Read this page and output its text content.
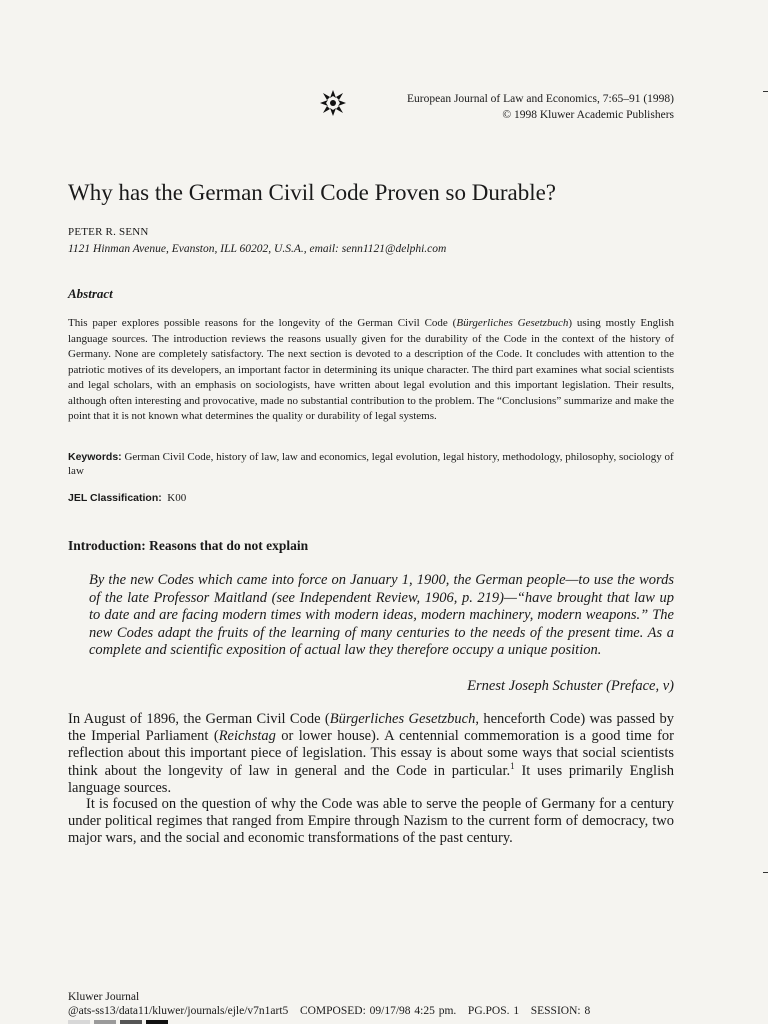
European Journal of Law and Economics, 7:65–91 (1998)
© 1998 Kluwer Academic Publishers
Why has the German Civil Code Proven so Durable?
PETER R. SENN
1121 Hinman Avenue, Evanston, ILL 60202, U.S.A., email: senn1121@delphi.com
Abstract
This paper explores possible reasons for the longevity of the German Civil Code (Bürgerliches Gesetzbuch) using mostly English language sources. The introduction reviews the reasons usually given for the durability of the Code in the context of the history of Germany. None are completely satisfactory. The next section is devoted to a description of the Code. It concludes with attention to the patriotic motives of its developers, an important factor in determining its unique character. The third part examines what social scientists and legal scholars, with an emphasis on sociologists, have written about legal evolution and this important legislation. Their results, although often interesting and provocative, made no substantial contribution to the problem. The “Conclusions” summarize and make the point that it is not known what determines the quality or durability of legal systems.
Keywords: German Civil Code, history of law, law and economics, legal evolution, legal history, methodology, philosophy, sociology of law
JEL Classification: K00
Introduction: Reasons that do not explain
By the new Codes which came into force on January 1, 1900, the German people—to use the words of the late Professor Maitland (see Independent Review, 1906, p. 219)—“have brought that law up to date and are facing modern times with modern ideas, modern machinery, modern weapons.” The new Codes adapt the fruits of the learning of many centuries to the needs of the present time. As a complete and scientific exposition of actual law they therefore occupy a unique position.
Ernest Joseph Schuster (Preface, v)
In August of 1896, the German Civil Code (Bürgerliches Gesetzbuch, henceforth Code) was passed by the Imperial Parliament (Reichstag or lower house). A centennial commemoration is a good time for reflection about this important piece of legislation. This essay is about some ways that social scientists think about the longevity of law in general and the Code in particular.$^1$ It uses primarily English language sources.
It is focused on the question of why the Code was able to serve the people of Germany for a century under political regimes that ranged from Empire through Nazism to the current form of democracy, two major wars, and the social and economic transformations of the past century.
Kluwer Journal
@ats-ss13/data11/kluwer/journals/ejle/v7n1art5 COMPOSED: 09/17/98 4:25 pm. PG.POS. 1 SESSION: 8
